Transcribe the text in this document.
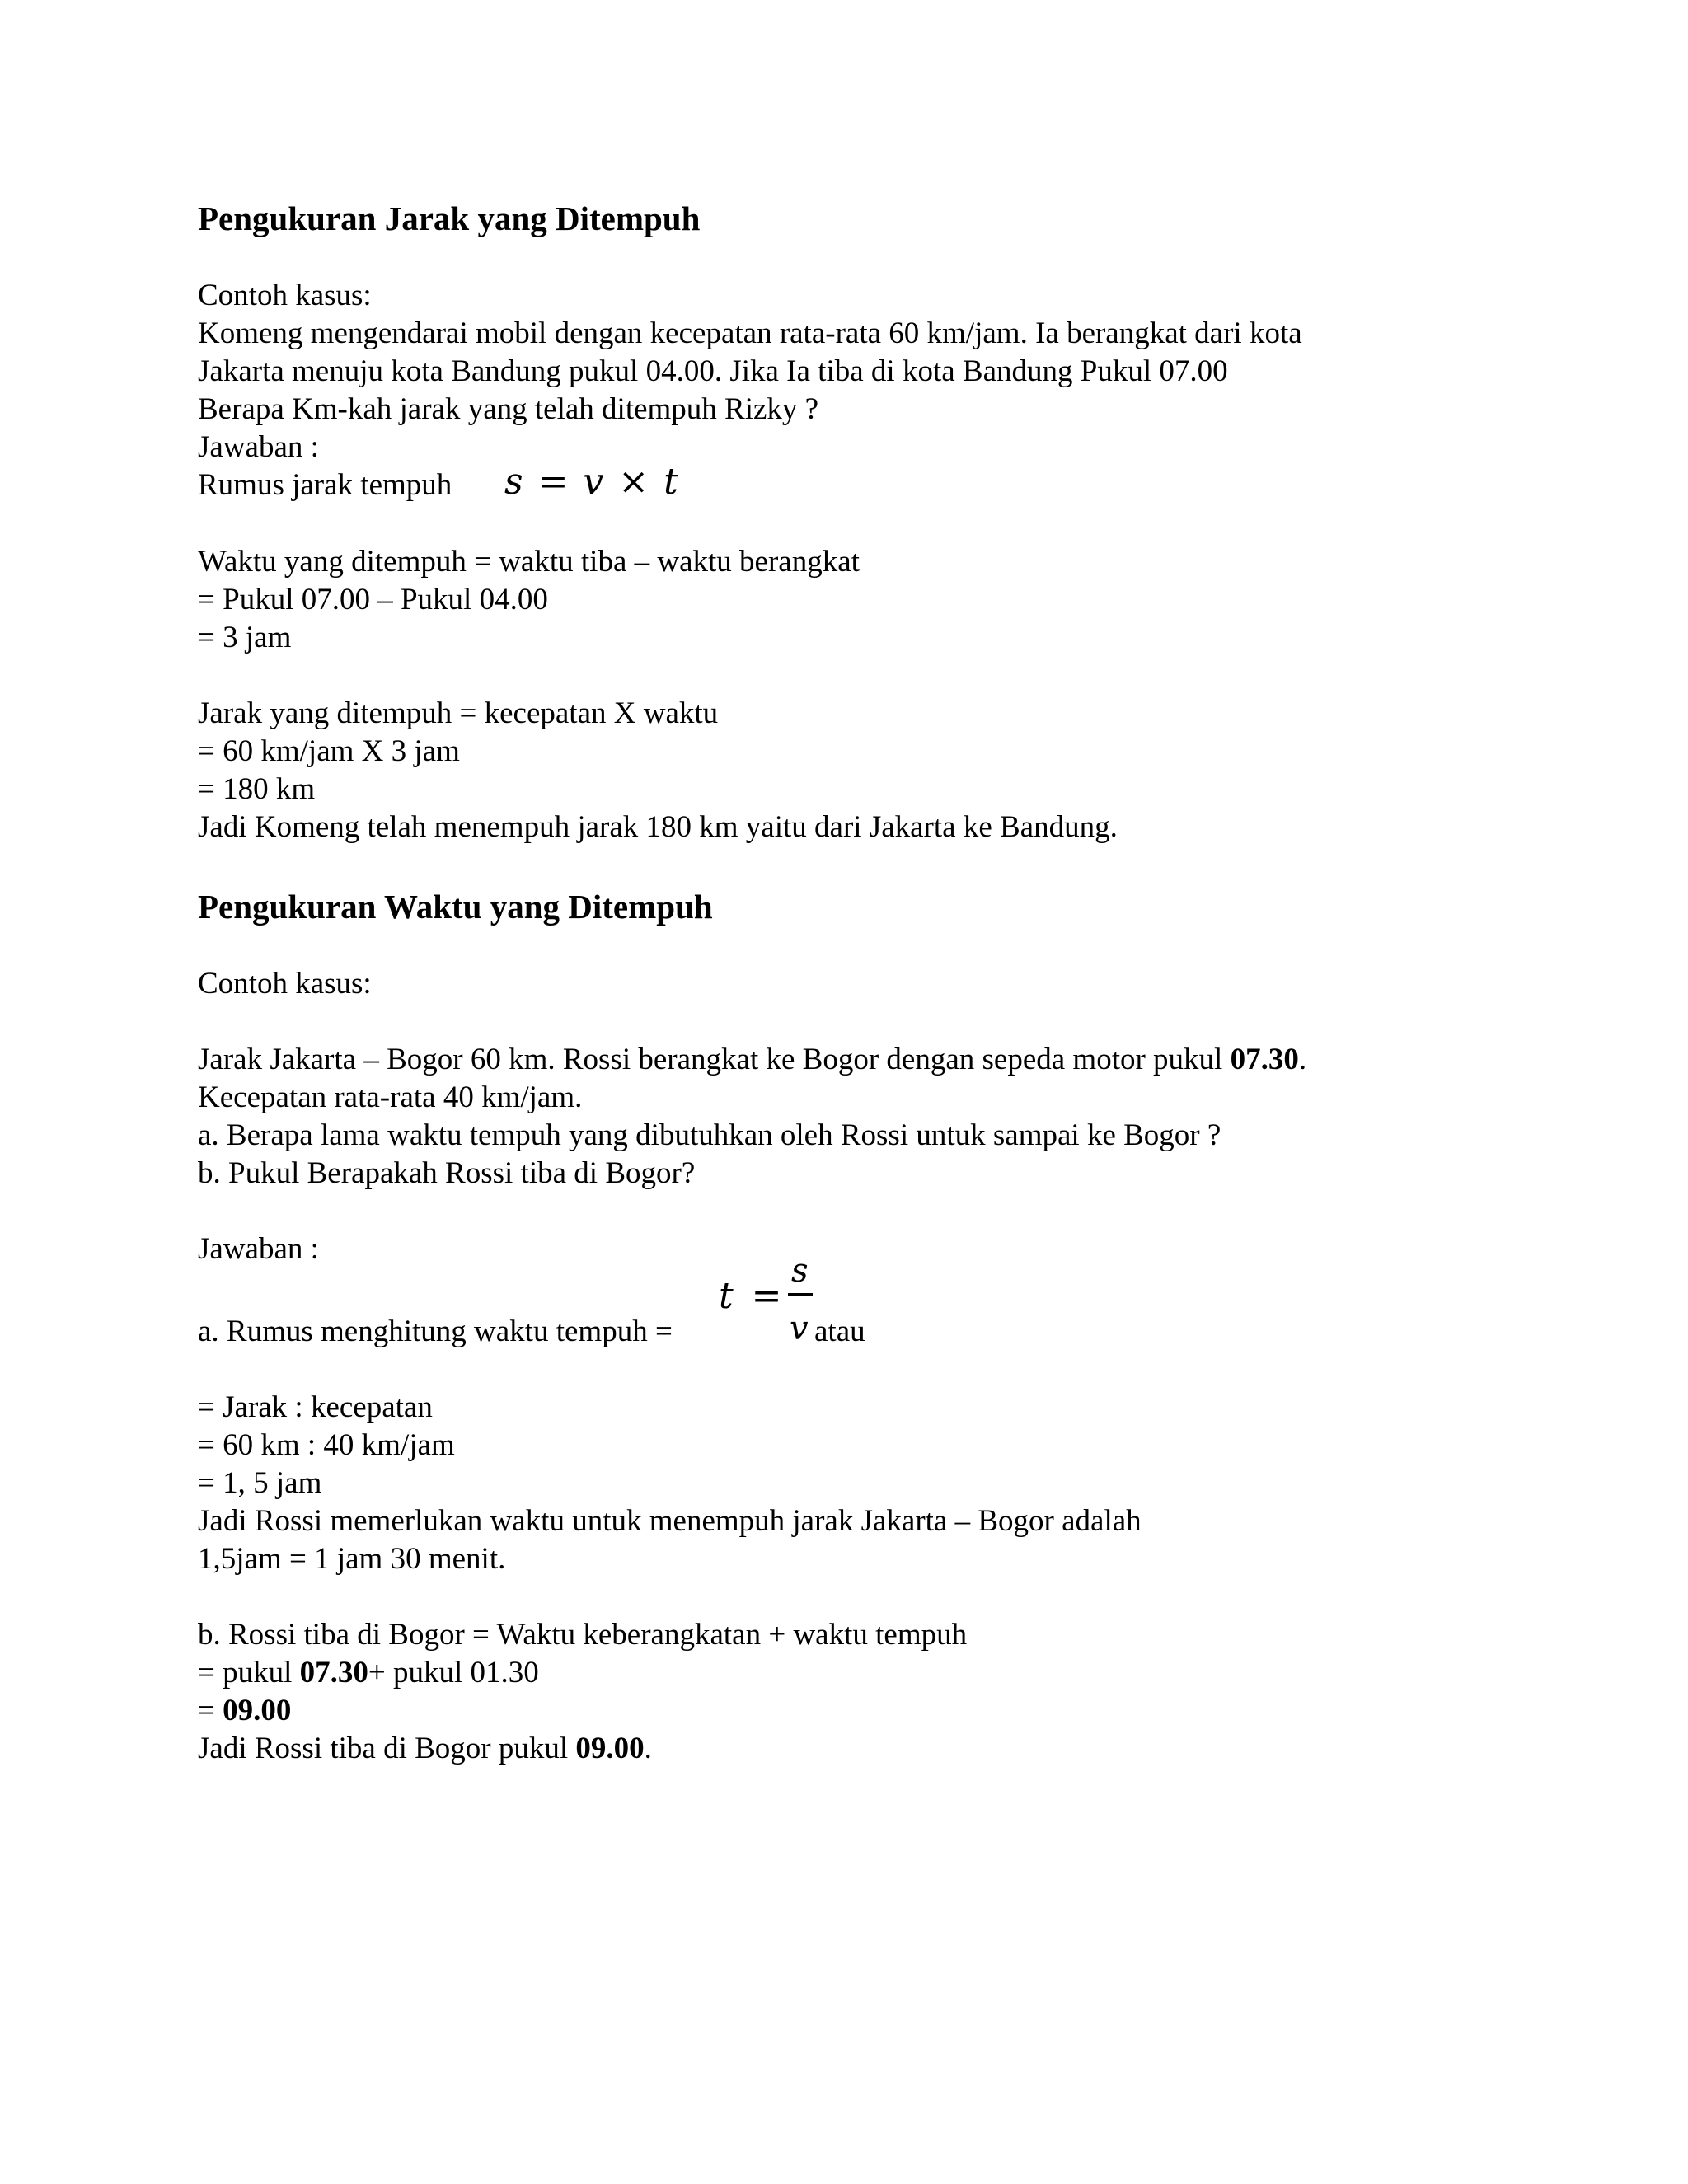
Pengukuran Jarak yang Ditempuh
Contoh kasus:
Komeng mengendarai mobil dengan kecepatan rata-rata 60 km/jam. Ia berangkat dari kota
Jakarta menuju kota Bandung pukul 04.00. Jika Ia tiba di kota Bandung Pukul 07.00
Berapa Km-kah jarak yang telah ditempuh Rizky ?
Jawaban :
Rumus jarak tempuh s = v × t
Waktu yang ditempuh = waktu tiba – waktu berangkat
= Pukul 07.00 – Pukul 04.00
= 3 jam
Jarak yang ditempuh = kecepatan X waktu
= 60 km/jam X 3 jam
= 180 km
Jadi Komeng telah menempuh jarak 180 km yaitu dari Jakarta ke Bandung.
Pengukuran Waktu yang Ditempuh
Contoh kasus:
Jarak Jakarta – Bogor 60 km. Rossi berangkat ke Bogor dengan sepeda motor pukul 07.30.
Kecepatan rata-rata 40 km/jam.
a. Berapa lama waktu tempuh yang dibutuhkan oleh Rossi untuk sampai ke Bogor ?
b. Pukul Berapakah Rossi tiba di Bogor?
Jawaban :
a. Rumus menghitung waktu tempuh =
t =
s
v atau
= Jarak : kecepatan
= 60 km : 40 km/jam
= 1, 5 jam
Jadi Rossi memerlukan waktu untuk menempuh jarak Jakarta – Bogor adalah
1,5jam = 1 jam 30 menit.
b. Rossi tiba di Bogor = Waktu keberangkatan + waktu tempuh
= pukul 07.30+ pukul 01.30
= 09.00
Jadi Rossi tiba di Bogor pukul 09.00.
